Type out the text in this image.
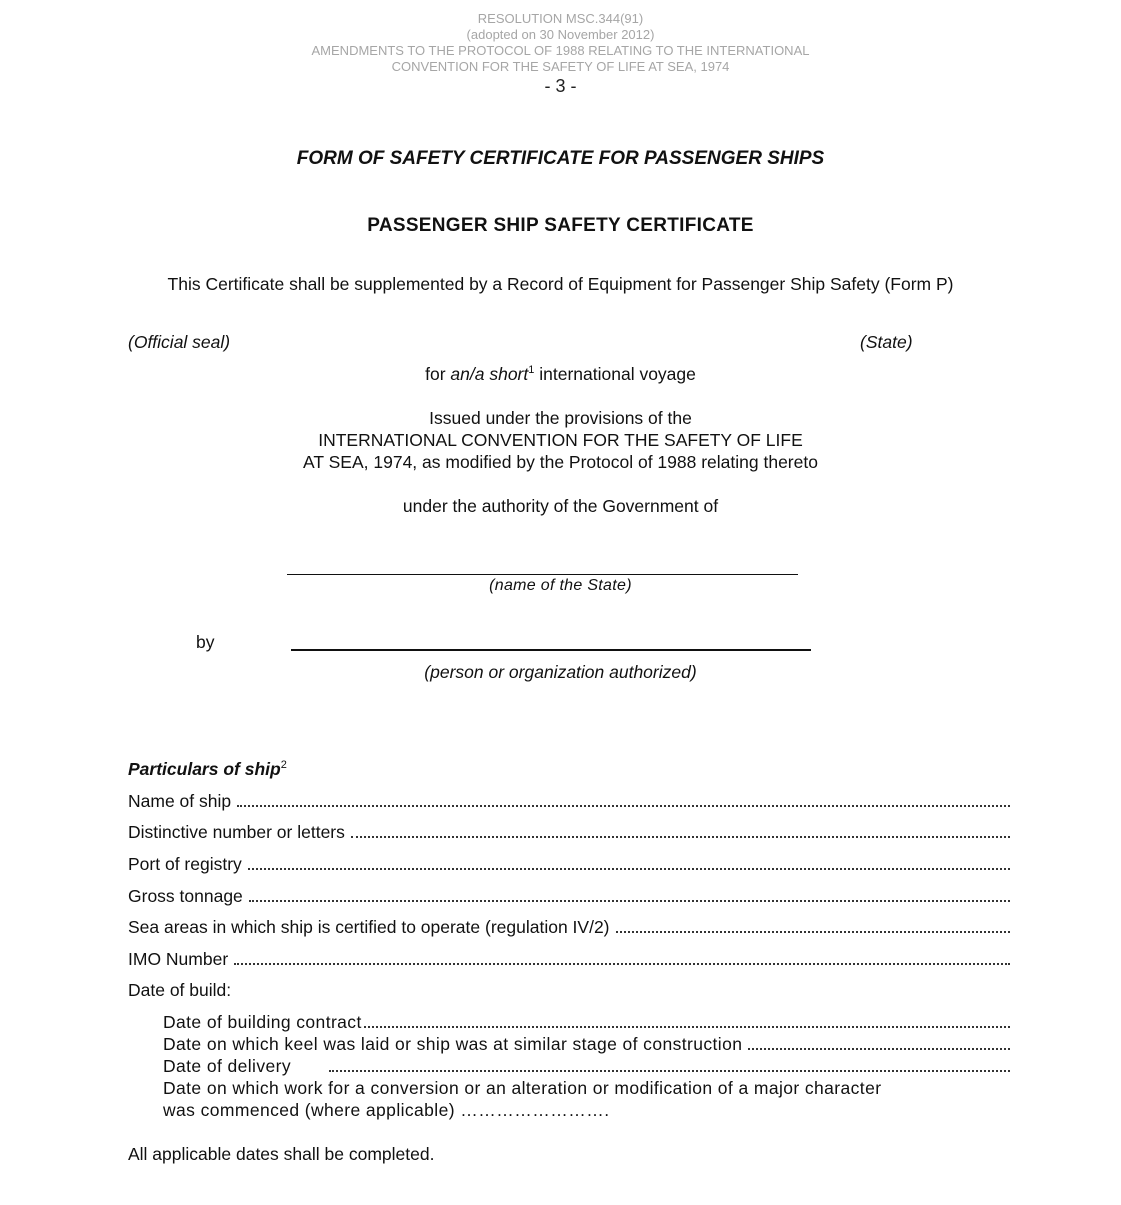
RESOLUTION MSC.344(91)
(adopted on 30 November 2012)
AMENDMENTS TO THE PROTOCOL OF 1988 RELATING TO THE INTERNATIONAL
CONVENTION FOR THE SAFETY OF LIFE AT SEA, 1974
- 3 -
FORM OF SAFETY CERTIFICATE FOR PASSENGER SHIPS
PASSENGER SHIP SAFETY CERTIFICATE
This Certificate shall be supplemented by a Record of Equipment for Passenger Ship Safety (Form P)
(Official seal)	(State)
for an/a short$^1$ international voyage
Issued under the provisions of the
INTERNATIONAL CONVENTION FOR THE SAFETY OF LIFE
AT SEA, 1974, as modified by the Protocol of 1988 relating thereto
under the authority of the Government of
(name of the State)
by
(person or organization authorized)
Particulars of ship$^2$
Name of ship
Distinctive number or letters
Port of registry
Gross tonnage
Sea areas in which ship is certified to operate (regulation IV/2)
IMO Number
Date of build:
Date of building contract
Date on which keel was laid or ship was at similar stage of construction
Date of delivery
Date on which work for a conversion or an alteration or modification of a major character
was commenced (where applicable) …………………….
All applicable dates shall be completed.
